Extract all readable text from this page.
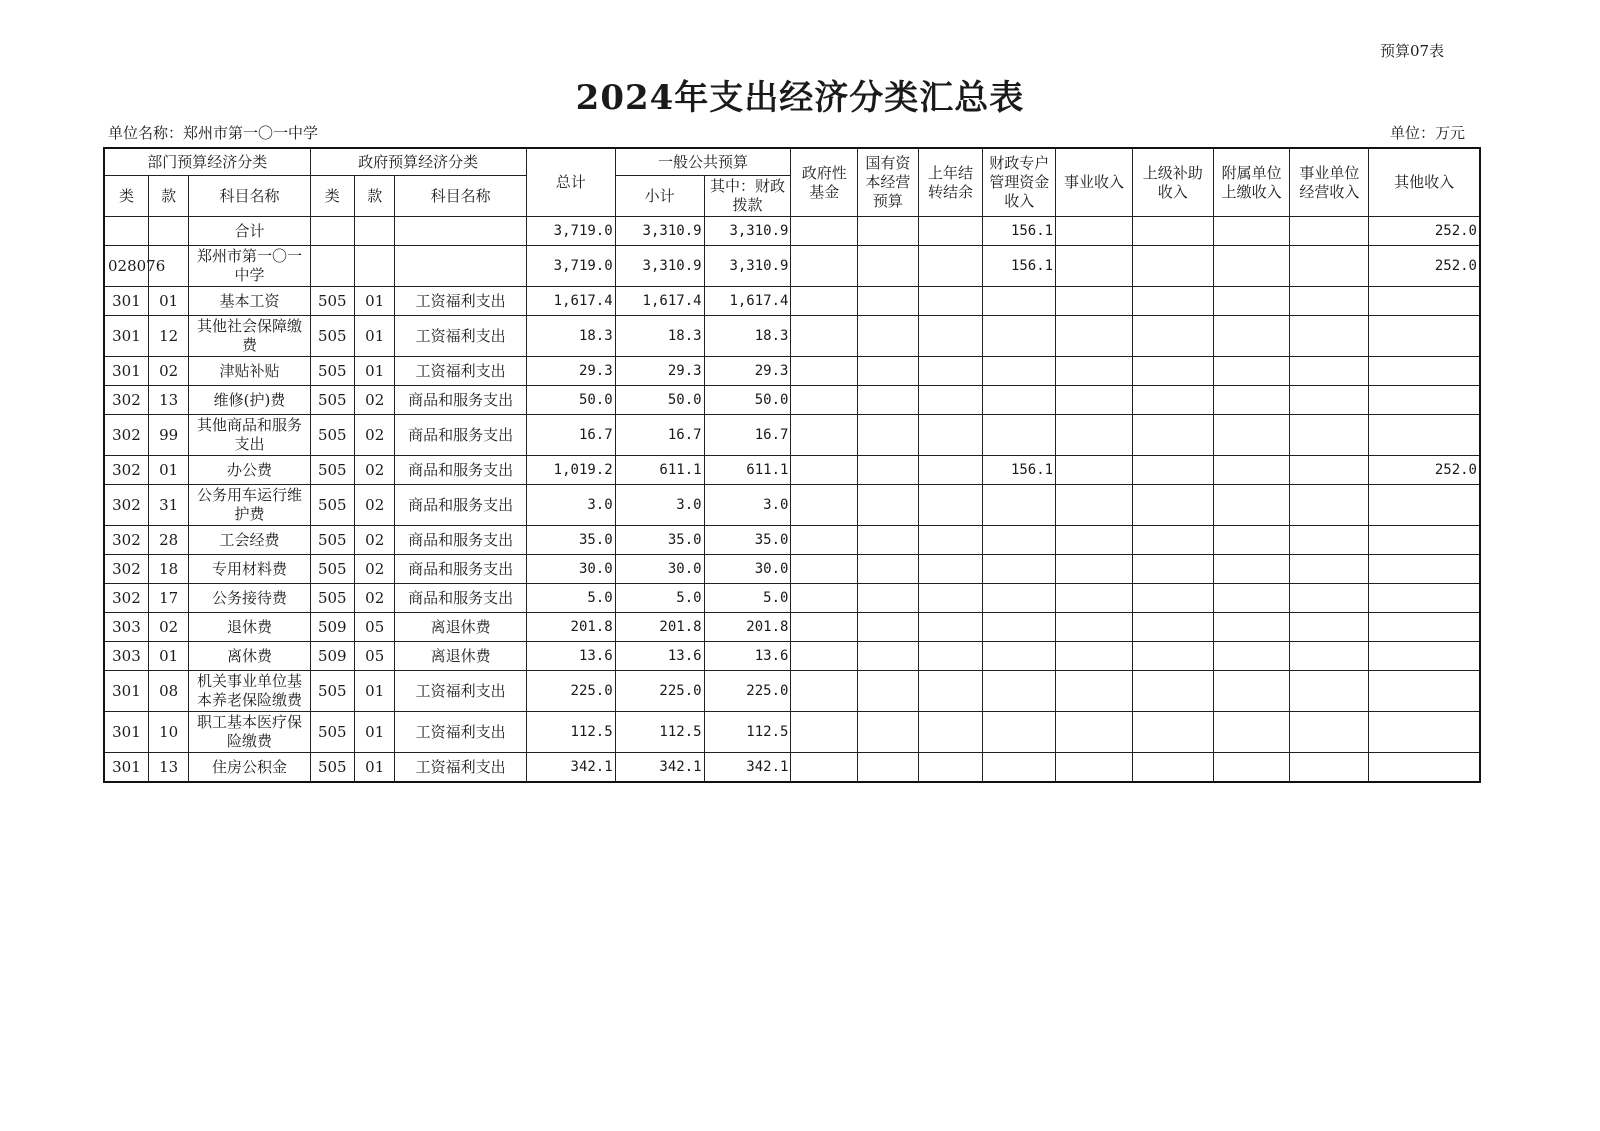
预算07表
2024年支出经济分类汇总表
单位名称：郑州市第一〇一中学	单位：万元
部门预算经济分类			政府预算经济分类			总计	一般公共预算		政府性基金	国有资本经营预算	上年结转结余	财政专户管理资金收入	事业收入	上级补助收入	附属单位上缴收入	事业单位经营收入	其他收入
类	款	科目名称	类	款	科目名称		小计	其中：财政拨款									
		合计				3,719.0	3,310.9	3,310.9				156.1					252.0
028076		郑州市第一〇一中学				3,719.0	3,310.9	3,310.9				156.1					252.0
301	01	基本工资	505	01	工资福利支出	1,617.4	1,617.4	1,617.4									
301	12	其他社会保障缴费	505	01	工资福利支出	18.3	18.3	18.3									
301	02	津贴补贴	505	01	工资福利支出	29.3	29.3	29.3									
302	13	维修(护)费	505	02	商品和服务支出	50.0	50.0	50.0									
302	99	其他商品和服务支出	505	02	商品和服务支出	16.7	16.7	16.7									
302	01	办公费	505	02	商品和服务支出	1,019.2	611.1	611.1				156.1					252.0
302	31	公务用车运行维护费	505	02	商品和服务支出	3.0	3.0	3.0									
302	28	工会经费	505	02	商品和服务支出	35.0	35.0	35.0									
302	18	专用材料费	505	02	商品和服务支出	30.0	30.0	30.0									
302	17	公务接待费	505	02	商品和服务支出	5.0	5.0	5.0									
303	02	退休费	509	05	离退休费	201.8	201.8	201.8									
303	01	离休费	509	05	离退休费	13.6	13.6	13.6									
301	08	机关事业单位基本养老保险缴费	505	01	工资福利支出	225.0	225.0	225.0									
301	10	职工基本医疗保险缴费	505	01	工资福利支出	112.5	112.5	112.5									
301	13	住房公积金	505	01	工资福利支出	342.1	342.1	342.1									
